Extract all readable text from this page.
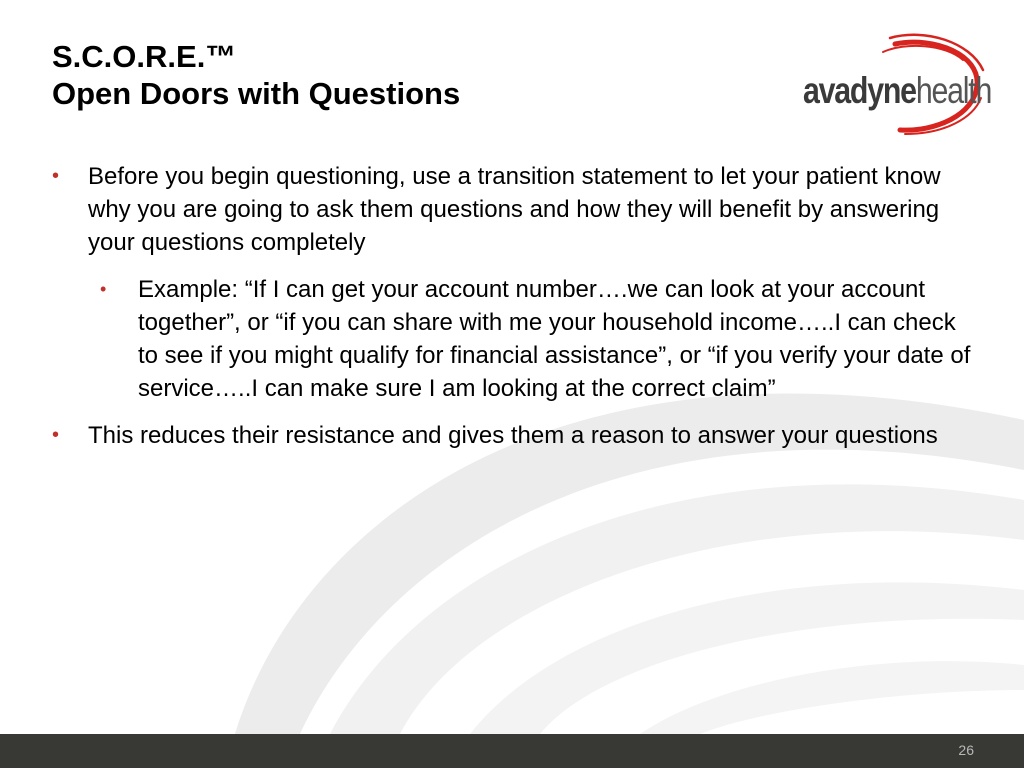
S.C.O.R.E.™
Open Doors with Questions	avadynehealth
• Before you begin questioning, use a transition statement to let your patient know why you are going to ask them questions and how they will benefit by answering your questions completely
• Example: “If I can get your account number….we can look at your account together”, or “if you can share with me your household income…..I can check to see if you might qualify for financial assistance”, or “if you verify your date of service…..I can make sure I am looking at the correct claim”
• This reduces their resistance and gives them a reason to answer your questions
26
